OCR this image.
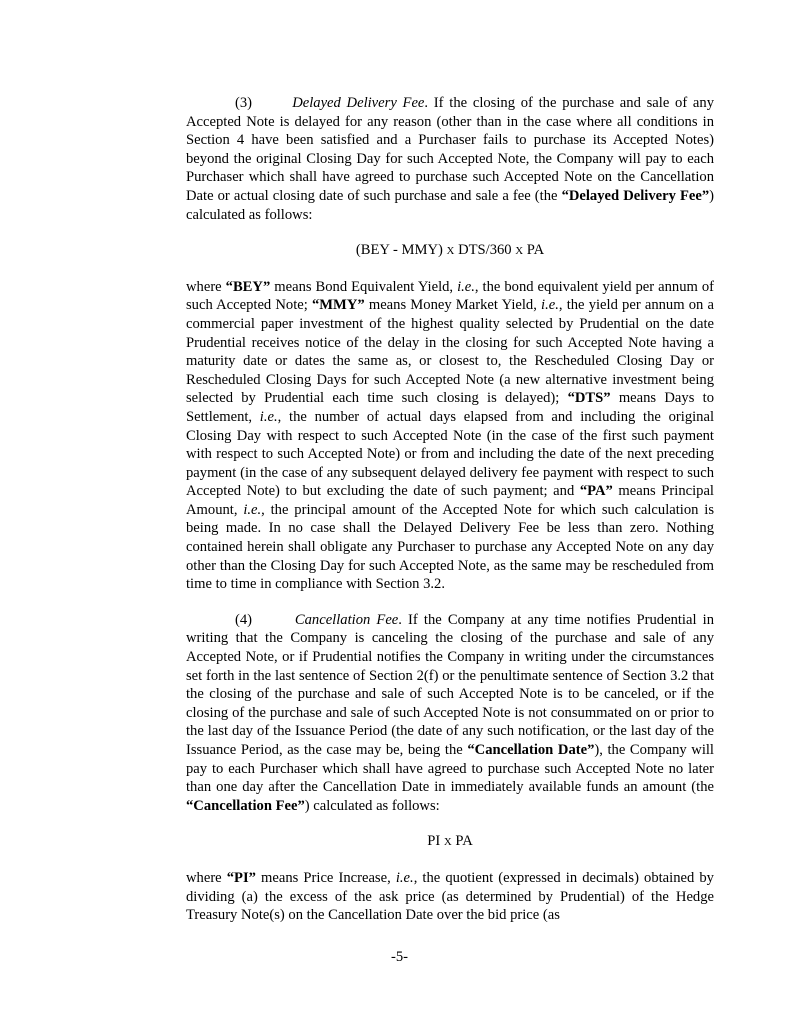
(3)       Delayed Delivery Fee. If the closing of the purchase and sale of any Accepted Note is delayed for any reason (other than in the case where all conditions in Section 4 have been satisfied and a Purchaser fails to purchase its Accepted Notes) beyond the original Closing Day for such Accepted Note, the Company will pay to each Purchaser which shall have agreed to purchase such Accepted Note on the Cancellation Date or actual closing date of such purchase and sale a fee (the “Delayed Delivery Fee”) calculated as follows:

(BEY - MMY) X DTS/360 X PA

where “BEY” means Bond Equivalent Yield, i.e., the bond equivalent yield per annum of such Accepted Note; “MMY” means Money Market Yield, i.e., the yield per annum on a commercial paper investment of the highest quality selected by Prudential on the date Prudential receives notice of the delay in the closing for such Accepted Note having a maturity date or dates the same as, or closest to, the Rescheduled Closing Day or Rescheduled Closing Days for such Accepted Note (a new alternative investment being selected by Prudential each time such closing is delayed); “DTS” means Days to Settlement, i.e., the number of actual days elapsed from and including the original Closing Day with respect to such Accepted Note (in the case of the first such payment with respect to such Accepted Note) or from and including the date of the next preceding payment (in the case of any subsequent delayed delivery fee payment with respect to such Accepted Note) to but excluding the date of such payment; and “PA” means Principal Amount, i.e., the principal amount of the Accepted Note for which such calculation is being made. In no case shall the Delayed Delivery Fee be less than zero. Nothing contained herein shall obligate any Purchaser to purchase any Accepted Note on any day other than the Closing Day for such Accepted Note, as the same may be rescheduled from time to time in compliance with Section 3.2.

(4)       Cancellation Fee. If the Company at any time notifies Prudential in writing that the Company is canceling the closing of the purchase and sale of any Accepted Note, or if Prudential notifies the Company in writing under the circumstances set forth in the last sentence of Section 2(f) or the penultimate sentence of Section 3.2 that the closing of the purchase and sale of such Accepted Note is to be canceled, or if the closing of the purchase and sale of such Accepted Note is not consummated on or prior to the last day of the Issuance Period (the date of any such notification, or the last day of the Issuance Period, as the case may be, being the “Cancellation Date”), the Company will pay to each Purchaser which shall have agreed to purchase such Accepted Note no later than one day after the Cancellation Date in immediately available funds an amount (the “Cancellation Fee”) calculated as follows:

PI X PA

where “PI” means Price Increase, i.e., the quotient (expressed in decimals) obtained by dividing (a) the excess of the ask price (as determined by Prudential) of the Hedge Treasury Note(s) on the Cancellation Date over the bid price (as

-5-
